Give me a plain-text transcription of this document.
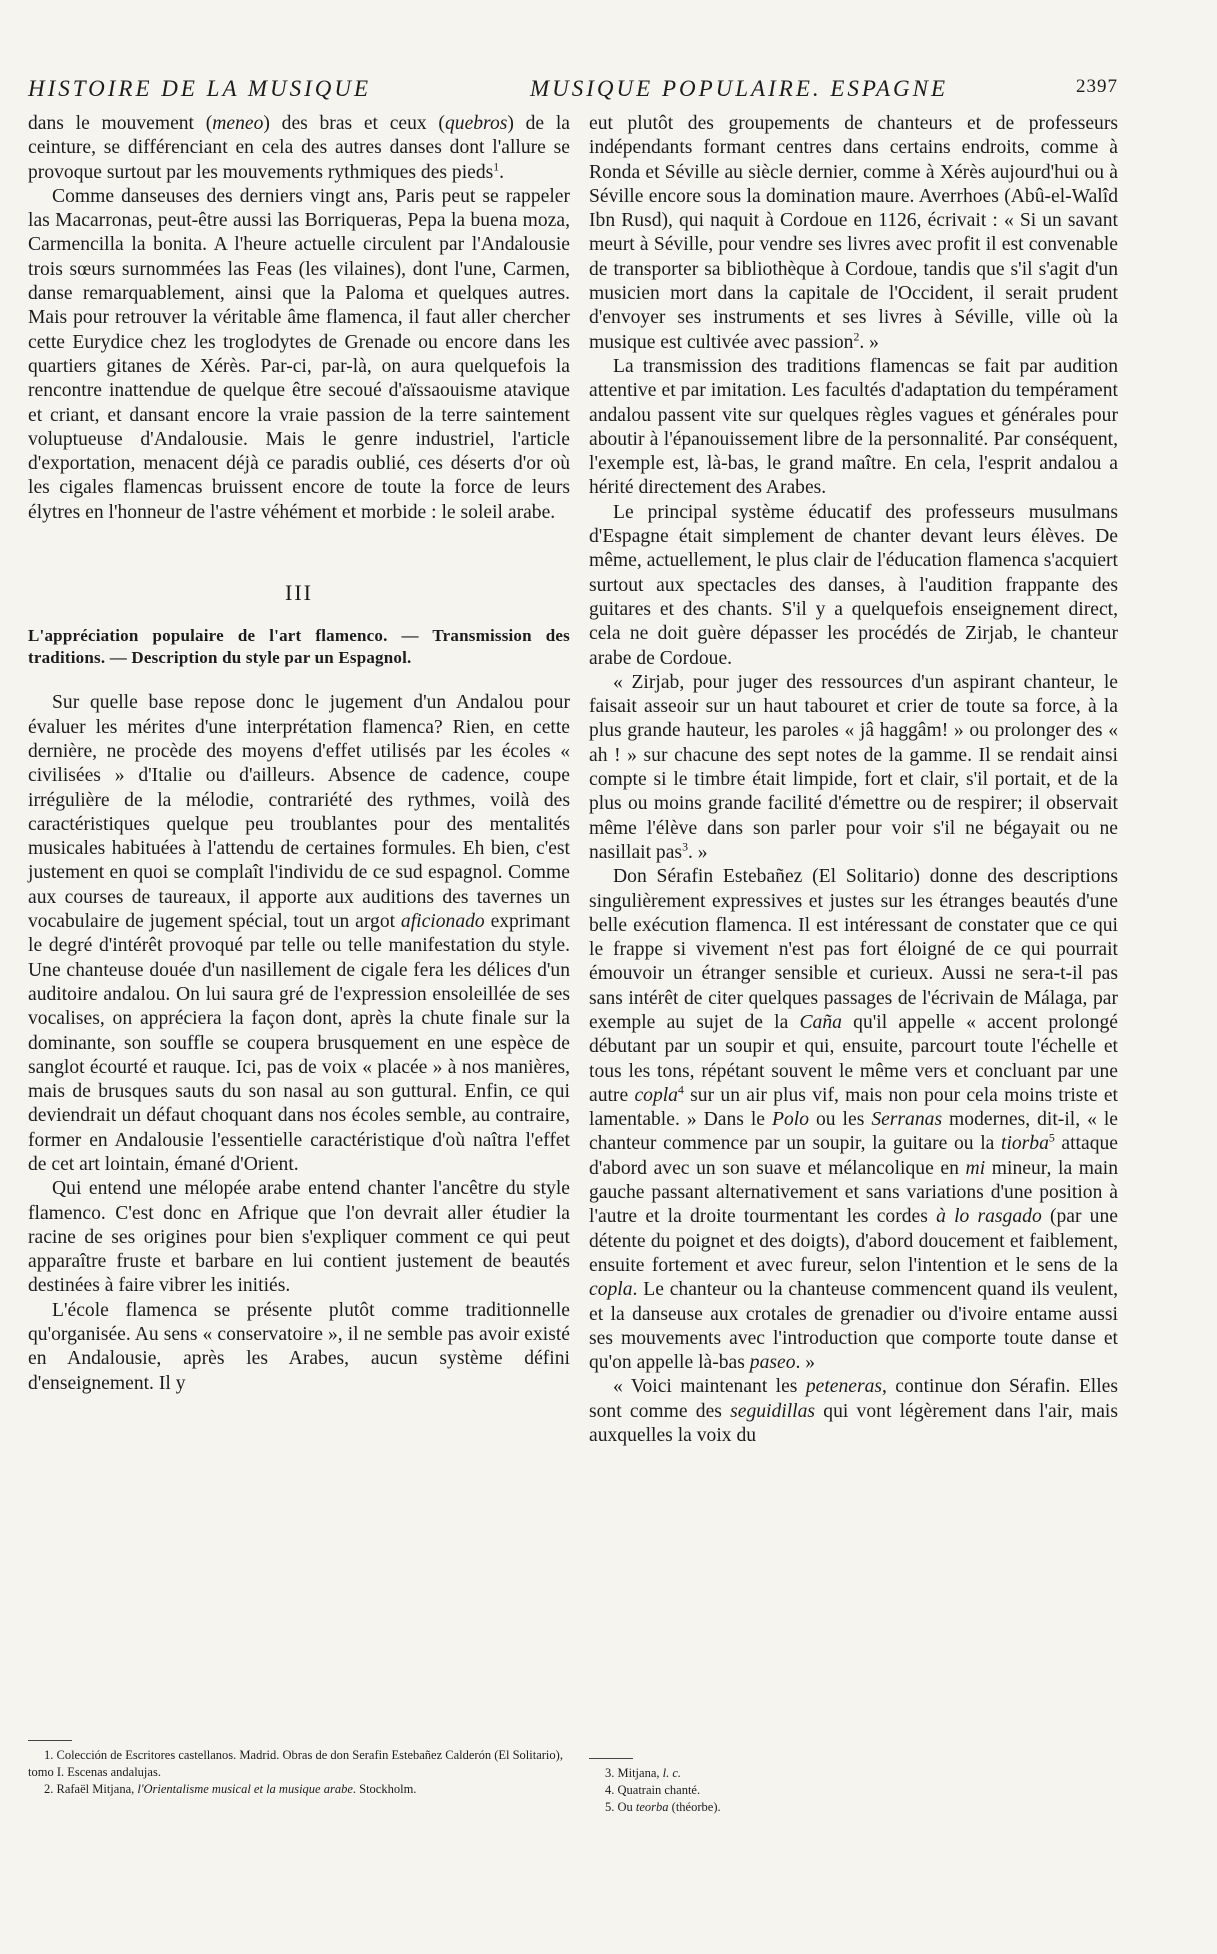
HISTOIRE DE LA MUSIQUE	MUSIQUE POPULAIRE. ESPAGNE	2397

dans le mouvement (meneo) des bras et ceux (quebros) de la ceinture, se différenciant en cela des autres danses dont l'allure se provoque surtout par les mouvements rythmiques des pieds$^1$.

Comme danseuses des derniers vingt ans, Paris peut se rappeler las Macarronas, peut-être aussi las Borriqueras, Pepa la buena moza, Carmencilla la bonita. A l'heure actuelle circulent par l'Andalousie trois sœurs surnommées las Feas (les vilaines), dont l'une, Carmen, danse remarquablement, ainsi que la Paloma et quelques autres. Mais pour retrouver la véritable âme flamenca, il faut aller chercher cette Eurydice chez les troglodytes de Grenade ou encore dans les quartiers gitanes de Xérès. Par-ci, par-là, on aura quelquefois la rencontre inattendue de quelque être secoué d'aïssaouisme atavique et criant, et dansant encore la vraie passion de la terre saintement voluptueuse d'Andalousie. Mais le genre industriel, l'article d'exportation, menacent déjà ce paradis oublié, ces déserts d'or où les cigales flamencas bruissent encore de toute la force de leurs élytres en l'honneur de l'astre véhément et morbide : le soleil arabe.

III
L'appréciation populaire de l'art flamenco. — Transmission des traditions. — Description du style par un Espagnol.

Sur quelle base repose donc le jugement d'un Andalou pour évaluer les mérites d'une interprétation flamenca? Rien, en cette dernière, ne procède des moyens d'effet utilisés par les écoles « civilisées » d'Italie ou d'ailleurs. Absence de cadence, coupe irrégulière de la mélodie, contrariété des rythmes, voilà des caractéristiques quelque peu troublantes pour des mentalités musicales habituées à l'attendu de certaines formules. Eh bien, c'est justement en quoi se complaît l'individu de ce sud espagnol. Comme aux courses de taureaux, il apporte aux auditions des tavernes un vocabulaire de jugement spécial, tout un argot aficionado exprimant le degré d'intérêt provoqué par telle ou telle manifestation du style. Une chanteuse douée d'un nasillement de cigale fera les délices d'un auditoire andalou. On lui saura gré de l'expression ensoleillée de ses vocalises, on appréciera la façon dont, après la chute finale sur la dominante, son souffle se coupera brusquement en une espèce de sanglot écourté et rauque. Ici, pas de voix « placée » à nos manières, mais de brusques sauts du son nasal au son guttural. Enfin, ce qui deviendrait un défaut choquant dans nos écoles semble, au contraire, former en Andalousie l'essentielle caractéristique d'où naîtra l'effet de cet art lointain, émané d'Orient.

Qui entend une mélopée arabe entend chanter l'ancêtre du style flamenco. C'est donc en Afrique que l'on devrait aller étudier la racine de ses origines pour bien s'expliquer comment ce qui peut apparaître fruste et barbare en lui contient justement de beautés destinées à faire vibrer les initiés.

L'école flamenca se présente plutôt comme traditionnelle qu'organisée. Au sens « conservatoire », il ne semble pas avoir existé en Andalousie, après les Arabes, aucun système défini d'enseignement. Il y

eut plutôt des groupements de chanteurs et de professeurs indépendants formant centres dans certains endroits, comme à Ronda et Séville au siècle dernier, comme à Xérès aujourd'hui ou à Séville encore sous la domination maure. Averrhoes (Abû-el-Walîd Ibn Rusd), qui naquit à Cordoue en 1126, écrivait : « Si un savant meurt à Séville, pour vendre ses livres avec profit il est convenable de transporter sa bibliothèque à Cordoue, tandis que s'il s'agit d'un musicien mort dans la capitale de l'Occident, il serait prudent d'envoyer ses instruments et ses livres à Séville, ville où la musique est cultivée avec passion$^2$. »

La transmission des traditions flamencas se fait par audition attentive et par imitation. Les facultés d'adaptation du tempérament andalou passent vite sur quelques règles vagues et générales pour aboutir à l'épanouissement libre de la personnalité. Par conséquent, l'exemple est, là-bas, le grand maître. En cela, l'esprit andalou a hérité directement des Arabes.

Le principal système éducatif des professeurs musulmans d'Espagne était simplement de chanter devant leurs élèves. De même, actuellement, le plus clair de l'éducation flamenca s'acquiert surtout aux spectacles des danses, à l'audition frappante des guitares et des chants. S'il y a quelquefois enseignement direct, cela ne doit guère dépasser les procédés de Zirjab, le chanteur arabe de Cordoue.

« Zirjab, pour juger des ressources d'un aspirant chanteur, le faisait asseoir sur un haut tabouret et crier de toute sa force, à la plus grande hauteur, les paroles « jâ haggâm! » ou prolonger des « ah ! » sur chacune des sept notes de la gamme. Il se rendait ainsi compte si le timbre était limpide, fort et clair, s'il portait, et de la plus ou moins grande facilité d'émettre ou de respirer; il observait même l'élève dans son parler pour voir s'il ne bégayait ou ne nasillait pas$^3$. »

Don Sérafin Estebañez (El Solitario) donne des descriptions singulièrement expressives et justes sur les étranges beautés d'une belle exécution flamenca. Il est intéressant de constater que ce qui le frappe si vivement n'est pas fort éloigné de ce qui pourrait émouvoir un étranger sensible et curieux. Aussi ne sera-t-il pas sans intérêt de citer quelques passages de l'écrivain de Málaga, par exemple au sujet de la Caña qu'il appelle « accent prolongé débutant par un soupir et qui, ensuite, parcourt toute l'échelle et tous les tons, répétant souvent le même vers et concluant par une autre copla$^4$ sur un air plus vif, mais non pour cela moins triste et lamentable. » Dans le Polo ou les Serranas modernes, dit-il, « le chanteur commence par un soupir, la guitare ou la tiorba$^5$ attaque d'abord avec un son suave et mélancolique en mi mineur, la main gauche passant alternativement et sans variations d'une position à l'autre et la droite tourmentant les cordes à lo rasgado (par une détente du poignet et des doigts), d'abord doucement et faiblement, ensuite fortement et avec fureur, selon l'intention et le sens de la copla. Le chanteur ou la chanteuse commencent quand ils veulent, et la danseuse aux crotales de grenadier ou d'ivoire entame aussi ses mouvements avec l'introduction que comporte toute danse et qu'on appelle là-bas paseo. »

« Voici maintenant les peteneras, continue don Sérafin. Elles sont comme des seguidillas qui vont légèrement dans l'air, mais auxquelles la voix du

1. Colección de Escritores castellanos. Madrid. Obras de don Serafin Estebañez Calderón (El Solitario), tomo I. Escenas andalujas.
2. Rafaël Mitjana, l'Orientalisme musical et la musique arabe. Stockholm.
3. Mitjana, l. c.
4. Quatrain chanté.
5. Ou teorba (théorbe).
